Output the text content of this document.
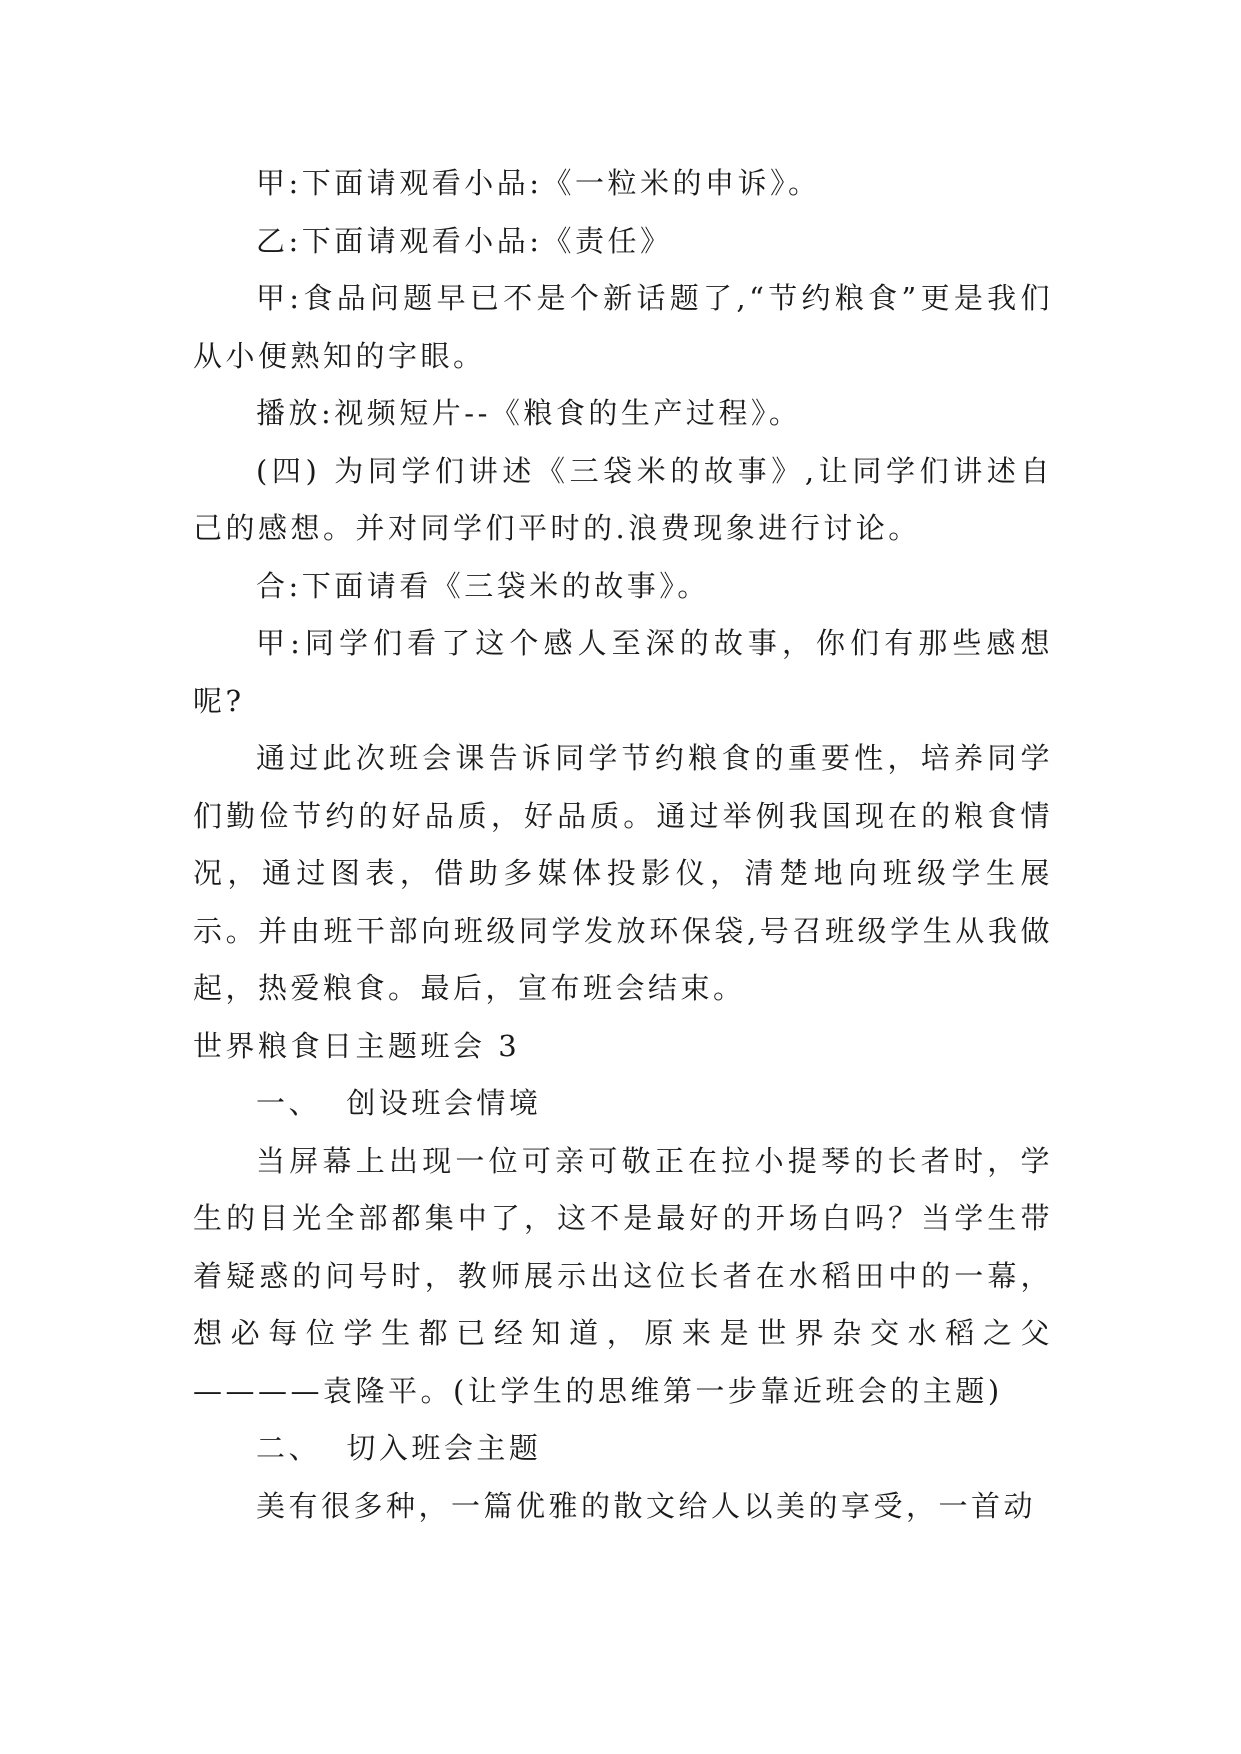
甲:下面请观看小品:《一粒米的申诉》。

乙:下面请观看小品:《责任》

甲:食品问题早已不是个新话题了,“节约粮食”更是我们从小便熟知的字眼。

播放:视频短片--《粮食的生产过程》。

(四) 为同学们讲述《三袋米的故事》,让同学们讲述自己的感想。并对同学们平时的.浪费现象进行讨论。

合:下面请看《三袋米的故事》。

甲:同学们看了这个感人至深的故事，你们有那些感想呢?

通过此次班会课告诉同学节约粮食的重要性，培养同学们勤俭节约的好品质，好品质。通过举例我国现在的粮食情况，通过图表，借助多媒体投影仪，清楚地向班级学生展示。并由班干部向班级同学发放环保袋,号召班级学生从我做起，热爱粮食。最后，宣布班会结束。

世界粮食日主题班会 3

一、  创设班会情境

当屏幕上出现一位可亲可敬正在拉小提琴的长者时，学生的目光全部都集中了，这不是最好的开场白吗？当学生带着疑惑的问号时，教师展示出这位长者在水稻田中的一幕，想必每位学生都已经知道，原来是世界杂交水稻之父————袁隆平。(让学生的思维第一步靠近班会的主题)

二、  切入班会主题

美有很多种，一篇优雅的散文给人以美的享受，一首动
